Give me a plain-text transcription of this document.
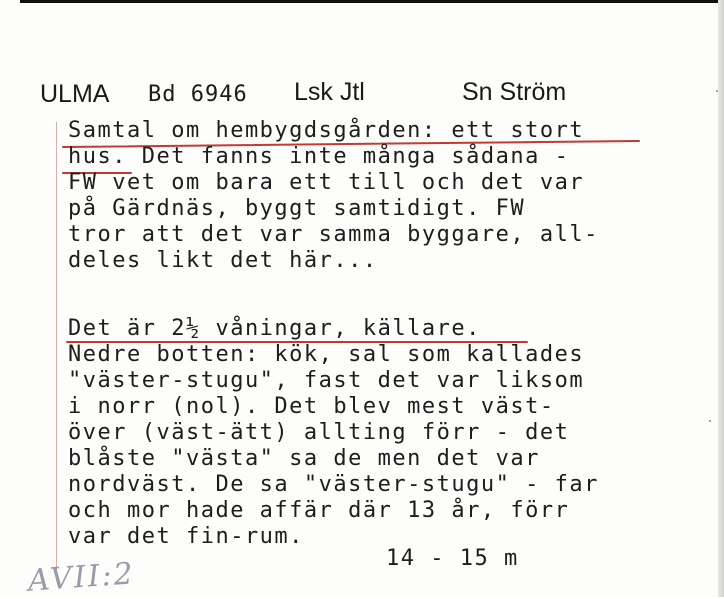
ULMA Bd 6946 Lsk Jtl	Sn Ström
Samtal om hembygdsgården: ett stort
hus. Det fanns inte många sådana -
FW vet om bara ett till och det var
på Gärdnäs, byggt samtidigt. FW
tror att det var samma byggare, all-
deles likt det här...
Det är 2½ våningar, källare.
Nedre botten: kök, sal som kallades
"väster-stugu", fast det var liksom
i norr (nol). Det blev mest väst-
över (väst-ätt) allting förr - det
blåste "västa" sa de men det var
nordväst. De sa "väster-stugu" - far
och mor hade affär där 13 år, förr
var det fin-rum.
14 - 15 m
AVII:2
